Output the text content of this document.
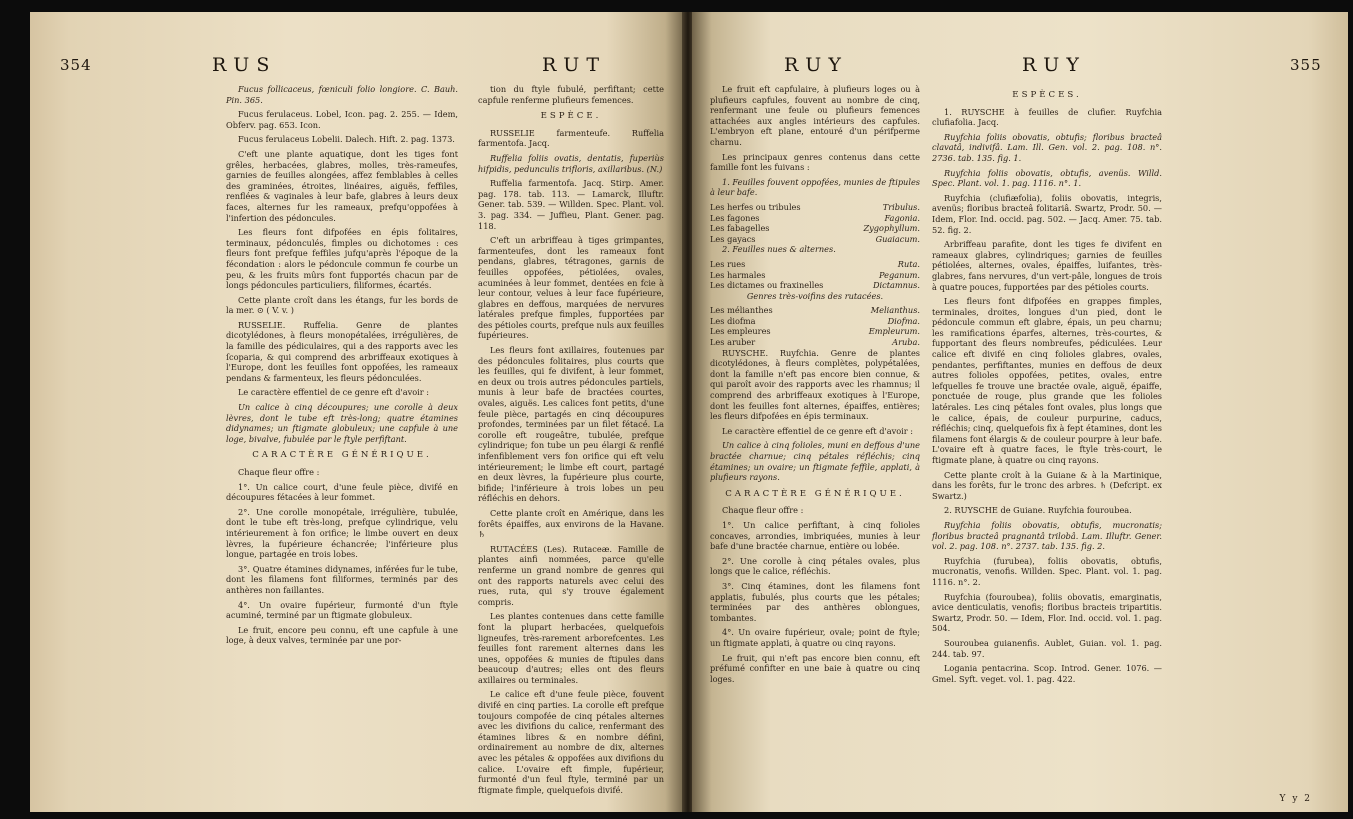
354	RUS	RUT

Fucus follicaceus, fœniculi folio longiore. C. Bauh. Pin. 365.

Fucus ferulaceus. Lobel, Icon. pag. 2. 255. — Idem, Obferv. pag. 653. Icon.

Fucus ferulaceus Lobelii. Dalech. Hift. 2. pag. 1373.

C'eft une plante aquatique, dont les tiges font grêles, herbacées, glabres, molles, très-rameufes, garnies de feuilles alongées, affez femblables à celles des graminées, étroites, linéaires, aiguës, feffiles, renflées & vaginales à leur bafe, glabres à leurs deux faces, alternes fur les rameaux, prefqu'oppofées à l'infertion des pédoncules.

Les fleurs font difpofées en épis folitaires, terminaux, pédonculés, fimples ou dichotomes : ces fleurs font prefque feffiles jufqu'après l'époque de la fécondation : alors le pédoncule commun fe courbe un peu, & les fruits mûrs font fupportés chacun par de longs pédoncules particuliers, filiformes, écartés.

Cette plante croît dans les étangs, fur les bords de la mer. ⊙ ( V. v. )

RUSSELIE. Ruffelia. Genre de plantes dicotylédones, à fleurs monopétalées, irrégulières, de la famille des pédiculaires, qui a des rapports avec les ſcoparia, & qui comprend des arbriffeaux exotiques à l'Europe, dont les feuilles font oppofées, les rameaux pendans & farmenteux, les fleurs pédonculées.

Le caractère effentiel de ce genre eft d'avoir :

Un calice à cinq découpures; une corolle à deux lèvres, dont le tube eft très-long; quatre étamines didynames; un ftigmate globuleux; une capfule à une loge, bivalve, fubulée par le ftyle perfiftant.

CARACTÈRE GÉNÉRIQUE.

Chaque fleur offre :

1°. Un calice court, d'une feule pièce, divifé en découpures fétacées à leur fommet.

2°. Une corolle monopétale, irrégulière, tubulée, dont le tube eft très-long, prefque cylindrique, velu intérieurement à fon orifice; le limbe ouvert en deux lèvres, la fupérieure échancrée; l'inférieure plus longue, partagée en trois lobes.

3°. Quatre étamines didynames, inférées fur le tube, dont les filamens font filiformes, terminés par des anthères non faillantes.

4°. Un ovaire fupérieur, furmonté d'un ftyle acuminé, terminé par un ftigmate globuleux.

Le fruit, encore peu connu, eft une capfule à une loge, à deux valves, terminée par une por-

tion du ftyle fubulé, perfiftant; cette capfule renferme plufieurs femences.

ESPÈCE.

RUSSELIE farmenteufe. Ruffelia farmentofa. Jacq.

Ruffelia foliis ovatis, dentatis, fuperiùs hifpidis, pedunculis trifloris, axillaribus. (N.)

Ruffelia farmentofa. Jacq. Stirp. Amer. pag. 178. tab. 113. — Lamarck, Illuftr. Gener. tab. 539. — Willden. Spec. Plant. vol. 3. pag. 334. — Juffieu, Plant. Gener. pag. 118.

C'eft un arbriffeau à tiges grimpantes, farmenteufes, dont les rameaux font pendans, glabres, tétragones, garnis de feuilles oppofées, pétiolées, ovales, acuminées à leur fommet, dentées en fcie à leur contour, velues à leur face fupérieure, glabres en deffous, marquées de nervures latérales prefque fimples, fupportées par des pétioles courts, prefque nuls aux feuilles fupérieures.

Les fleurs font axillaires, foutenues par des pédoncules folitaires, plus courts que les feuilles, qui fe divifent, à leur fommet, en deux ou trois autres pédoncules partiels, munis à leur bafe de bractées courtes, ovales, aiguës. Les calices font petits, d'une feule pièce, partagés en cinq découpures profondes, terminées par un filet fétacé. La corolle eft rougeâtre, tubulée, prefque cylindrique; fon tube un peu élargi & renflé infenfiblement vers fon orifice qui eft velu intérieurement; le limbe eft court, partagé en deux lèvres, la fupérieure plus courte, bifide; l'inférieure à trois lobes un peu réfléchis en dehors.

Cette plante croît en Amérique, dans les forêts épaiffes, aux environs de la Havane. ♄

RUTACÉES (Les). Rutaceæ. Famille de plantes ainfi nommées, parce qu'elle renferme un grand nombre de genres qui ont des rapports naturels avec celui des rues, ruta, qui s'y trouve également compris.

Les plantes contenues dans cette famille font la plupart herbacées, quelquefois ligneufes, très-rarement arborefcentes. Les feuilles font rarement alternes dans les unes, oppofées & munies de ftipules dans beaucoup d'autres; elles ont des fleurs axillaires ou terminales.

Le calice eft d'une feule pièce, fouvent divifé en cinq parties. La corolle eft prefque toujours compofée de cinq pétales alternes avec les divifions du calice, renfermant des étamines libres & en nombre défini, ordinairement au nombre de dix, alternes avec les pétales & oppofées aux divifions du calice. L'ovaire eft fimple, fupérieur, furmonté d'un feul ftyle, terminé par un ftigmate fimple, quelquefois divifé.

RUY	RUY	355

Le fruit eft capfulaire, à plufieurs loges ou à plufieurs capfules, fouvent au nombre de cinq, renfermant une feule ou plufieurs femences attachées aux angles intérieurs des capfules. L'embryon eft plane, entouré d'un périfperme charnu.

Les principaux genres contenus dans cette famille font les fuivans :

1. Feuilles fouvent oppofées, munies de ftipules à leur bafe.

Les herfes ou tribules	Tribulus.
Les fagones	Fagonia.
Les fabagelles	Zygophyllum.
Les gayacs	Guaiacum.

2. Feuilles nues & alternes.

Les rues	Ruta.
Les harmales	Peganum.
Les dictames ou fraxinelles	Dictamnus.

Genres très-voifins des rutacées.

Les mélianthes	Melianthus.
Les diofma	Diofma.
Les empleures	Empleurum.
Les aruber	Aruba.

RUYSCHE. Ruyfchia. Genre de plantes dicotylédones, à fleurs complètes, polypétalées, dont la famille n'eft pas encore bien connue, & qui paroît avoir des rapports avec les rhamnus; il comprend des arbriffeaux exotiques à l'Europe, dont les feuilles font alternes, épaiffes, entières; les fleurs difpofées en épis terminaux.

Le caractère effentiel de ce genre eft d'avoir :

Un calice à cinq folioles, muni en deffous d'une bractée charnue; cinq pétales réfléchis; cinq étamines; un ovaire; un ftigmate feffile, applati, à plufieurs rayons.

CARACTÈRE GÉNÉRIQUE.

Chaque fleur offre :

1°. Un calice perfiftant, à cinq folioles concaves, arrondies, imbriquées, munies à leur bafe d'une bractée charnue, entière ou lobée.

2°. Une corolle à cinq pétales ovales, plus longs que le calice, réfléchis.

3°. Cinq étamines, dont les filamens font applatis, fubulés, plus courts que les pétales; terminées par des anthères oblongues, tombantes.

4°. Un ovaire fupérieur, ovale; point de ftyle; un ftigmate applati, à quatre ou cinq rayons.

Le fruit, qui n'eft pas encore bien connu, eft préfumé confifter en une baie à quatre ou cinq loges.

ESPÈCES.

1. RUYSCHE à feuilles de clufier. Ruyfchia clufiafolia. Jacq.

Ruyfchia foliis obovatis, obtufis; floribus bracteâ clavatâ, indivifâ. Lam. Ill. Gen. vol. 2. pag. 108. n°. 2736. tab. 135. fig. 1.

Ruyfchia foliis obovatis, obtufis, avenüs. Willd. Spec. Plant. vol. 1. pag. 1116. n°. 1.

Ruyfchia (clufiæfolia), foliis obovatis, integris, avenüs; floribus bracteâ folitariâ. Swartz, Prodr. 50. — Idem, Flor. Ind. occid. pag. 502. — Jacq. Amer. 75. tab. 52. fig. 2.

Arbriffeau parafite, dont les tiges fe divifent en rameaux glabres, cylindriques; garnies de feuilles pétiolées, alternes, ovales, épaiffes, luifantes, très-glabres, fans nervures, d'un vert-pâle, longues de trois à quatre pouces, fupportées par des pétioles courts.

Les fleurs font difpofées en grappes fimples, terminales, droites, longues d'un pied, dont le pédoncule commun eft glabre, épais, un peu charnu; les ramifications éparfes, alternes, très-courtes, & fupportant des fleurs nombreufes, pédiculées. Leur calice eft divifé en cinq folioles glabres, ovales, pendantes, perfiftantes, munies en deffous de deux autres folioles oppofées, petites, ovales, entre lefquelles fe trouve une bractée ovale, aiguë, épaiffe, ponctuée de rouge, plus grande que les folioles latérales. Les cinq pétales font ovales, plus longs que le calice, épais, de couleur purpurine, caducs, réfléchis; cinq, quelquefois fix à fept étamines, dont les filamens font élargis & de couleur pourpre à leur bafe. L'ovaire eft à quatre faces, le ftyle très-court, le ftigmate plane, à quatre ou cinq rayons.

Cette plante croît à la Guiane & à la Martinique, dans les forêts, fur le tronc des arbres. ♄ (Defcript. ex Swartz.)

2. RUYSCHE de Guiane. Ruyfchia fouroubea.

Ruyfchia foliis obovatis, obtufis, mucronatis; floribus bracteâ pragnantâ trilobâ. Lam. Illuftr. Gener. vol. 2. pag. 108. n°. 2737. tab. 135. fig. 2.

Ruyfchia (furubea), foliis obovatis, obtufis, mucronatis, venofis. Willden. Spec. Plant. vol. 1. pag. 1116. n°. 2.

Ruyfchia (fouroubea), foliis obovatis, emarginatis, avice denticulatis, venofis; floribus bracteis tripartitis. Swartz, Prodr. 50. — Idem, Flor. Ind. occid. vol. 1. pag. 504.

Souroubea guianenfis. Aublet, Guian. vol. 1. pag. 244. tab. 97.

Logania pentacrina. Scop. Introd. Gener. 1076. — Gmel. Syft. veget. vol. 1. pag. 422.

Y y 2
